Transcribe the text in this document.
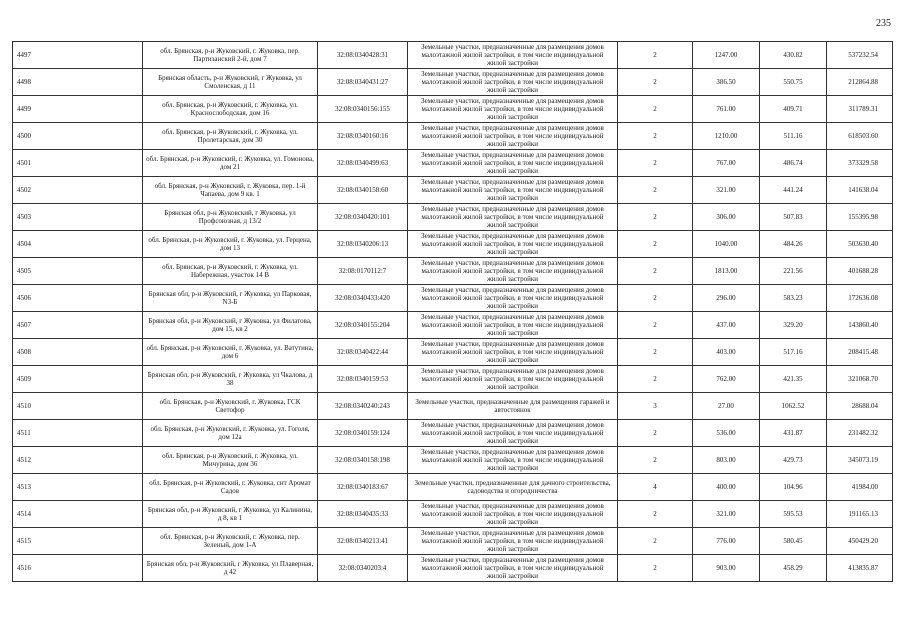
235
4497	обл. Брянская, р-н Жуковский, г. Жуковка, пер. Партизанский 2-й, дом 7	32:08:0340428:31	Земельные участки, предназначенные для размещения домов малоэтажной жилой застройки, в том числе индивидуальной жилой застройки	2	1247.00	430.82	537232.54
4498	Брянская область, р-н Жуковский, г Жуковка, ул Смоленская, д 11	32:08:0340431:27	Земельные участки, предназначенные для размещения домов малоэтажной жилой застройки, в том числе индивидуальной жилой застройки	2	386.50	550.75	212864.88
4499	обл. Брянская, р-н Жуковский, г. Жуковка, ул. Краснослободская, дом 16	32:08:0340156:155	Земельные участки, предназначенные для размещения домов малоэтажной жилой застройки, в том числе индивидуальной жилой застройки	2	761.00	409.71	311789.31
4500	обл. Брянская, р-н Жуковский, г. Жуковка, ул. Пролетарская, дом 30	32:08:0340160:16	Земельные участки, предназначенные для размещения домов малоэтажной жилой застройки, в том числе индивидуальной жилой застройки	2	1210.00	511.16	618503.60
4501	обл. Брянская, р-н Жуковский, г. Жуковка, ул. Гомонова, дом 21	32:08:0340499:63	Земельные участки, предназначенные для размещения домов малоэтажной жилой застройки, в том числе индивидуальной жилой застройки	2	767.00	486.74	373329.58
4502	обл. Брянская, р-н Жуковский, г. Жуковка, пер. 1-й Чапаева, дом 9 кв. 1	32:08:0340158:60	Земельные участки, предназначенные для размещения домов малоэтажной жилой застройки, в том числе индивидуальной жилой застройки	2	321.00	441.24	141638.04
4503	Брянская обл, р-н Жуковский, г Жуковка, ул Профсоюзная, д 13/2	32:08:0340420:101	Земельные участки, предназначенные для размещения домов малоэтажной жилой застройки, в том числе индивидуальной жилой застройки	2	306.00	507.83	155395.98
4504	обл. Брянская, р-н Жуковский, г. Жуковка, ул. Герцена, дом 13	32:08:0340206:13	Земельные участки, предназначенные для размещения домов малоэтажной жилой застройки, в том числе индивидуальной жилой застройки	2	1040.00	484.26	503630.40
4505	обл. Брянская, р-н Жуковский, г. Жуковка, ул. Набережная, участок 14 В	32:08:0170112:7	Земельные участки, предназначенные для размещения домов малоэтажной жилой застройки, в том числе индивидуальной жилой застройки	2	1813.00	221.56	401688.28
4506	Брянская обл, р-н Жуковский, г Жуковка, ул Парковая, N3-Б	32:08:0340433:420	Земельные участки, предназначенные для размещения домов малоэтажной жилой застройки, в том числе индивидуальной жилой застройки	2	296.00	583.23	172636.08
4507	Брянская обл, р-н Жуковский, г Жуковка, ул Филатова, дом 15, кв 2	32:08:0340155:204	Земельные участки, предназначенные для размещения домов малоэтажной жилой застройки, в том числе индивидуальной жилой застройки	2	437.00	329.20	143860.40
4508	обл. Брянская, р-н Жуковский, г. Жуковка, ул. Ватутина, дом 6	32:08:0340422:44	Земельные участки, предназначенные для размещения домов малоэтажной жилой застройки, в том числе индивидуальной жилой застройки	2	403.00	517.16	208415.48
4509	Брянская обл, р-н Жуковский, г Жуковка, ул Чкалова, д 38	32:08:0340159:53	Земельные участки, предназначенные для размещения домов малоэтажной жилой застройки, в том числе индивидуальной жилой застройки	2	762.00	421.35	321068.70
4510	обл. Брянская, р-н Жуковский, г. Жуковка, ГСК Светофор	32:08:0340240:243	Земельные участки, предназначенные для размещения гаражей и автостоянок	3	27.00	1062.52	28688.04
4511	обл. Брянская, р-н Жуковский, г. Жуковка, ул. Гоголя, дом 12а	32:08:0340159:124	Земельные участки, предназначенные для размещения домов малоэтажной жилой застройки, в том числе индивидуальной жилой застройки	2	536.00	431.87	231482.32
4512	обл. Брянская, р-н Жуковский, г. Жуковка, ул. Мичурина, дом 36	32:08:0340158:198	Земельные участки, предназначенные для размещения домов малоэтажной жилой застройки, в том числе индивидуальной жилой застройки	2	803.00	429.73	345073.19
4513	обл. Брянская, р-н Жуковский, г. Жуковка, снт Аромат Садов	32:08:0340183:67	Земельные участки, предназначенные для дачного строительства, садоводства и огородничества	4	400.00	104.96	41984.00
4514	Брянская обл, р-н Жуковский, г Жуковка, ул Калинина, д 8, кв 1	32:08:0340435:33	Земельные участки, предназначенные для размещения домов малоэтажной жилой застройки, в том числе индивидуальной жилой застройки	2	321.00	595.53	191165.13
4515	обл. Брянская, р-н Жуковский, г. Жуковка, пер. Зеленый, дом 1-А	32:08:0340213:41	Земельные участки, предназначенные для размещения домов малоэтажной жилой застройки, в том числе индивидуальной жилой застройки	2	776.00	580.45	450429.20
4516	Брянская обл, р-н Жуковский, г Жуковка, ул Плаверная, д 42	32:08:0340203:4	Земельные участки, предназначенные для размещения домов малоэтажной жилой застройки, в том числе индивидуальной жилой застройки	2	903.00	458.29	413835.87
